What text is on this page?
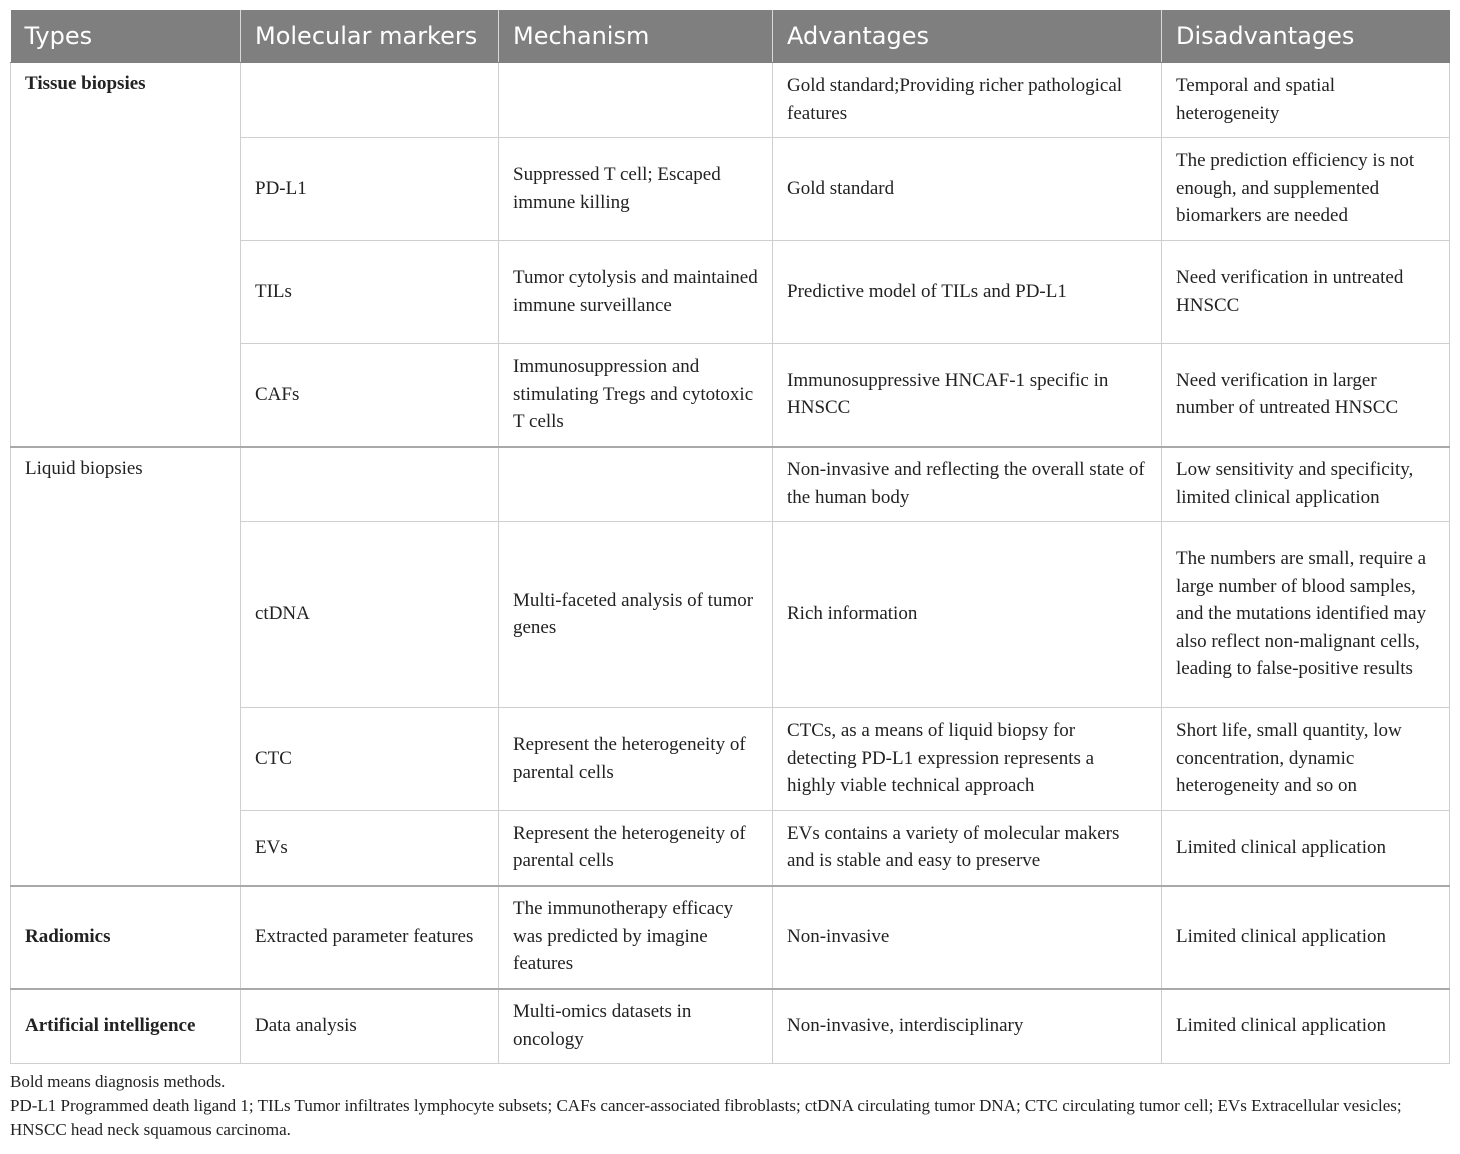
Types	Molecular markers	Mechanism	Advantages	Disadvantages
Tissue biopsies			Gold standard;Providing richer pathological features	Temporal and spatial heterogeneity
	PD-L1	Suppressed T cell; Escaped immune killing	Gold standard	The prediction efficiency is not enough, and supplemented biomarkers are needed
	TILs	Tumor cytolysis and maintained immune surveillance	Predictive model of TILs and PD-L1	Need verification in untreated HNSCC
	CAFs	Immunosuppression and stimulating Tregs and cytotoxic T cells	Immunosuppressive HNCAF-1 specific in HNSCC	Need verification in larger number of untreated HNSCC
Liquid biopsies			Non-invasive and reflecting the overall state of the human body	Low sensitivity and specificity, limited clinical application
	ctDNA	Multi-faceted analysis of tumor genes	Rich information	The numbers are small, require a large number of blood samples, and the mutations identified may also reflect non-malignant cells, leading to false-positive results
	CTC	Represent the heterogeneity of parental cells	CTCs, as a means of liquid biopsy for detecting PD-L1 expression represents a highly viable technical approach	Short life, small quantity, low concentration, dynamic heterogeneity and so on
	EVs	Represent the heterogeneity of parental cells	EVs contains a variety of molecular makers and is stable and easy to preserve	Limited clinical application
Radiomics	Extracted parameter features	The immunotherapy efficacy was predicted by imagine features	Non-invasive	Limited clinical application
Artificial intelligence	Data analysis	Multi-omics datasets in oncology	Non-invasive, interdisciplinary	Limited clinical application

Bold means diagnosis methods.

PD-L1 Programmed death ligand 1; TILs Tumor infiltrates lymphocyte subsets; CAFs cancer-associated fibroblasts; ctDNA circulating tumor DNA; CTC circulating tumor cell; EVs Extracellular vesicles; HNSCC head neck squamous carcinoma.
